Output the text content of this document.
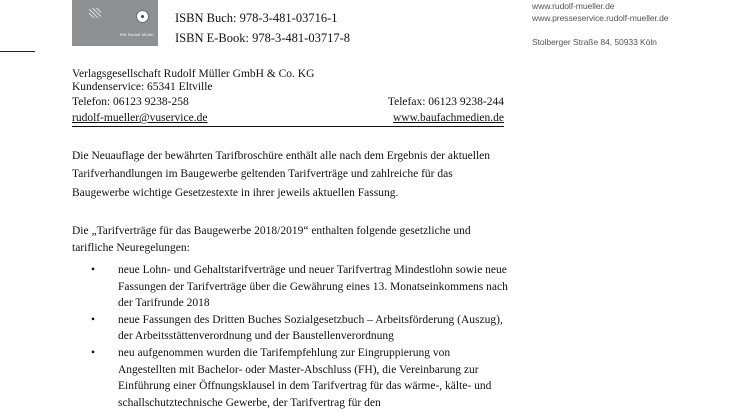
RM Rudolf Müller
ISBN Buch: 978-3-481-03716-1
ISBN E-Book: 978-3-481-03717-8
www.rudolf-mueller.de
www.presseservice.rudolf-mueller.de
Stolberger Straße 84, 50933 Köln
Verlagsgesellschaft Rudolf Müller GmbH & Co. KG
Kundenservice: 65341 Eltville
Telefon: 06123 9238-258	Telefax: 06123 9238-244
rudolf-mueller@vuservice.de	www.baufachmedien.de

Die Neuauflage der bewährten Tarifbroschüre enthält alle nach dem Ergebnis der aktuellen Tarifverhandlungen im Baugewerbe geltenden Tarifverträge und zahlreiche für das Baugewerbe wichtige Gesetzestexte in ihrer jeweils aktuellen Fassung.

Die „Tarifverträge für das Baugewerbe 2018/2019“ enthalten folgende gesetzliche und tarifliche Neuregelungen:

• neue Lohn- und Gehaltstarifverträge und neuer Tarifvertrag Mindestlohn sowie neue Fassungen der Tarifverträge über die Gewährung eines 13. Monatseinkommens nach der Tarifrunde 2018
• neue Fassungen des Dritten Buches Sozialgesetzbuch – Arbeitsförderung (Auszug), der Arbeitsstättenverordnung und der Baustellenverordnung
• neu aufgenommen wurden die Tarifempfehlung zur Eingruppierung von Angestellten mit Bachelor- oder Master-Abschluss (FH), die Vereinbarung zur Einführung einer Öffnungsklausel in dem Tarifvertrag für das wärme-, kälte- und schallschutztechnische Gewerbe, der Tarifvertrag für den
